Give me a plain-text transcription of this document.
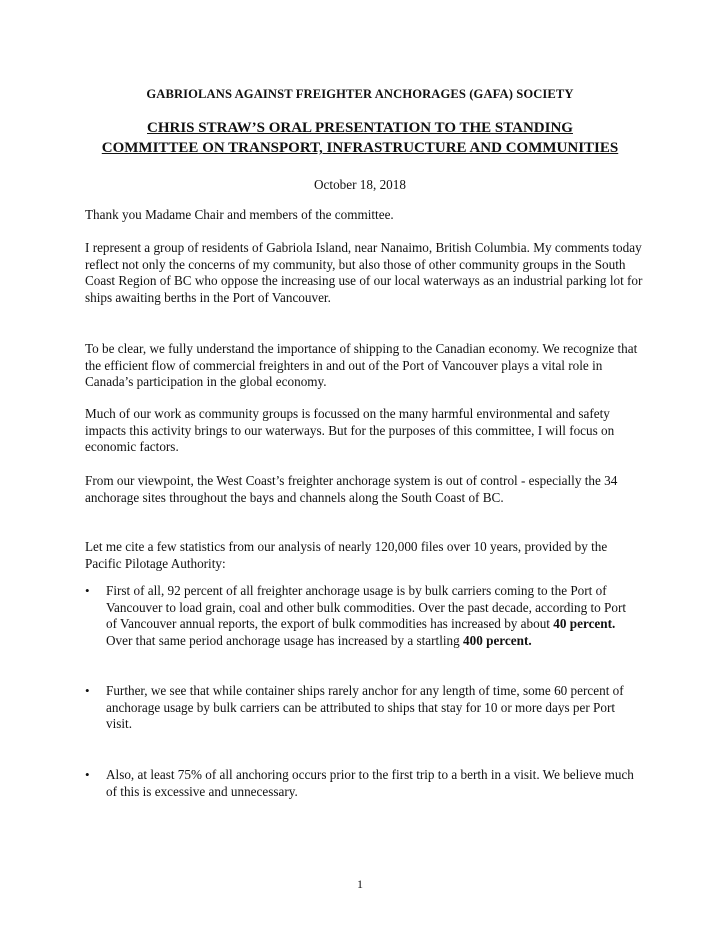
GABRIOLANS AGAINST FREIGHTER ANCHORAGES (GAFA) SOCIETY
CHRIS STRAW’S ORAL PRESENTATION TO THE STANDING
COMMITTEE ON TRANSPORT, INFRASTRUCTURE AND COMMUNITIES
October 18, 2018

Thank you Madame Chair and members of the committee.

I represent a group of residents of Gabriola Island, near Nanaimo, British Columbia. My comments today reflect not only the concerns of my community, but also those of other community groups in the South Coast Region of BC who oppose the increasing use of our local waterways as an industrial parking lot for ships awaiting berths in the Port of Vancouver.

To be clear, we fully understand the importance of shipping to the Canadian economy. We recognize that the efficient flow of commercial freighters in and out of the Port of Vancouver plays a vital role in Canada’s participation in the global economy.

Much of our work as community groups is focussed on the many harmful environmental and safety impacts this activity brings to our waterways. But for the purposes of this committee, I will focus on economic factors.

From our viewpoint, the West Coast’s freighter anchorage system is out of control - especially the 34 anchorage sites throughout the bays and channels along the South Coast of BC.

Let me cite a few statistics from our analysis of nearly 120,000 files over 10 years, provided by the Pacific Pilotage Authority:

•	First of all, 92 percent of all freighter anchorage usage is by bulk carriers coming to the Port of Vancouver to load grain, coal and other bulk commodities. Over the past decade, according to Port of Vancouver annual reports, the export of bulk commodities has increased by about 40 percent. Over that same period anchorage usage has increased by a startling 400 percent.
•	Further, we see that while container ships rarely anchor for any length of time, some 60 percent of anchorage usage by bulk carriers can be attributed to ships that stay for 10 or more days per Port visit.
•	Also, at least 75% of all anchoring occurs prior to the first trip to a berth in a visit. We believe much of this is excessive and unnecessary.
1
